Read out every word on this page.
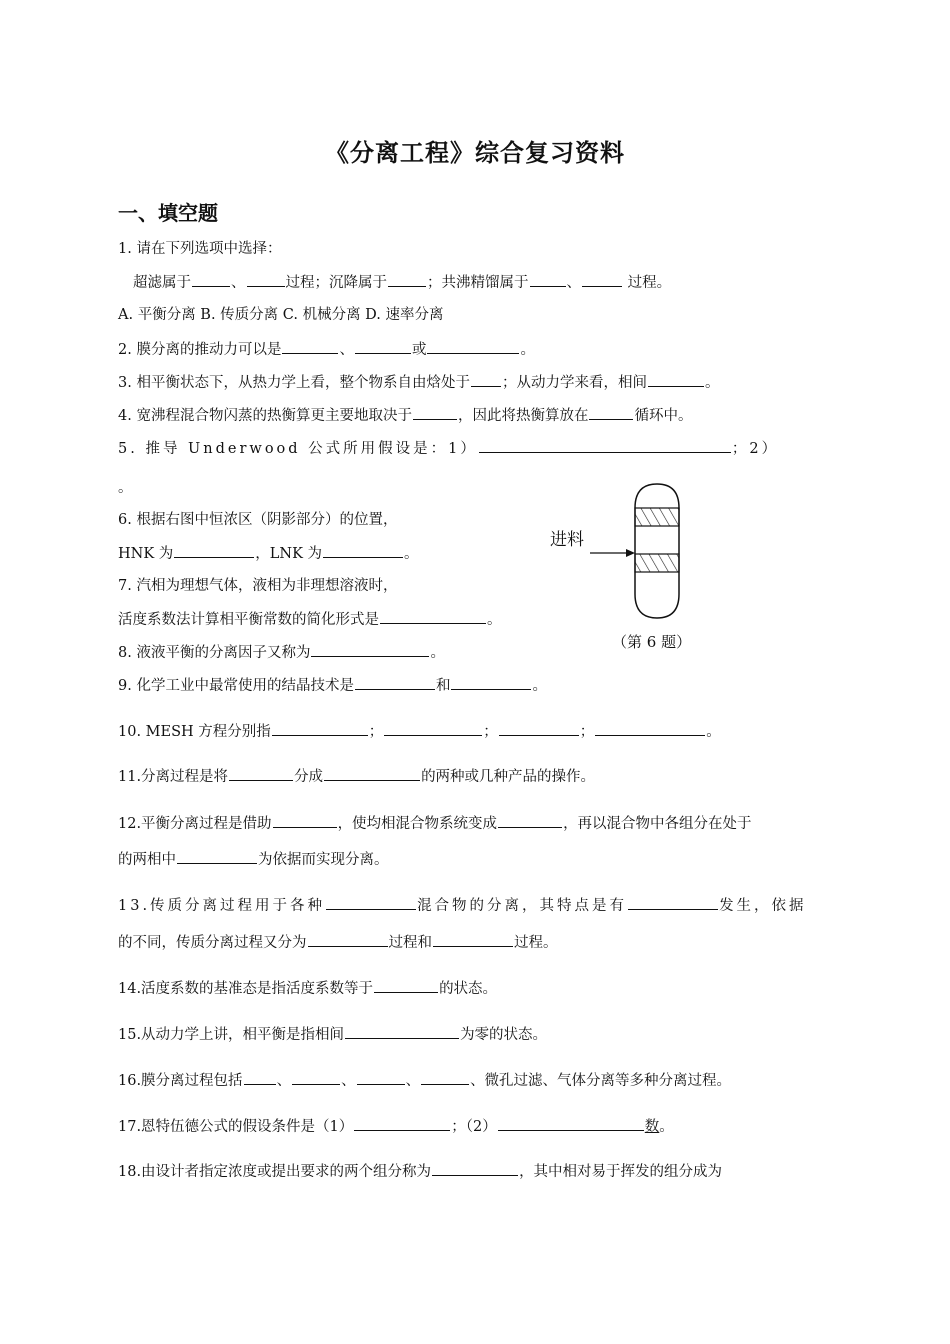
《分离工程》综合复习资料
一、填空题
1. 请在下列选项中选择：
超滤属于	、	过程；沉降属于	；共沸精馏属于	、	过程。
A. 平衡分离 B. 传质分离 C. 机械分离 D. 速率分离
2. 膜分离的推动力可以是	、	或	。
3. 相平衡状态下，从热力学上看，整个物系自由焓处于 ；从动力学来看，相间	。
4. 宽沸程混合物闪蒸的热衡算更主要地取决于	，因此将热衡算放在	循环中。
5. 推导 Underwood 公式所用假设是：1）	；2）
。
6. 根据右图中恒浓区（阴影部分）的位置，
HNK 为	，LNK 为	。
7. 汽相为理想气体，液相为非理想溶液时，
活度系数法计算相平衡常数的简化形式是	。
8. 液液平衡的分离因子又称为	。
9. 化学工业中最常使用的结晶技术是	和	。
10. MESH 方程分别指	；	；	；	。
11.分离过程是将	分成	的两种或几种产品的操作。
12.平衡分离过程是借助	，使均相混合物系统变成	，再以混合物中各组分在处于
的两相中	为依据而实现分离。
13.传质分离过程用于各种	混合物的分离，其特点是有	发生，依据
的不同，传质分离过程又分为	过程和	过程。
14.活度系数的基准态是指活度系数等于	的状态。
15.从动力学上讲，相平衡是指相间	为零的状态。
16.膜分离过程包括 、	、	、	、微孔过滤、气体分离等多种分离过程。
17.恩特伍德公式的假设条件是（1）	；（2）	数。
18.由设计者指定浓度或提出要求的两个组分称为	，其中相对易于挥发的组分成为
进料
（第 6 题）
